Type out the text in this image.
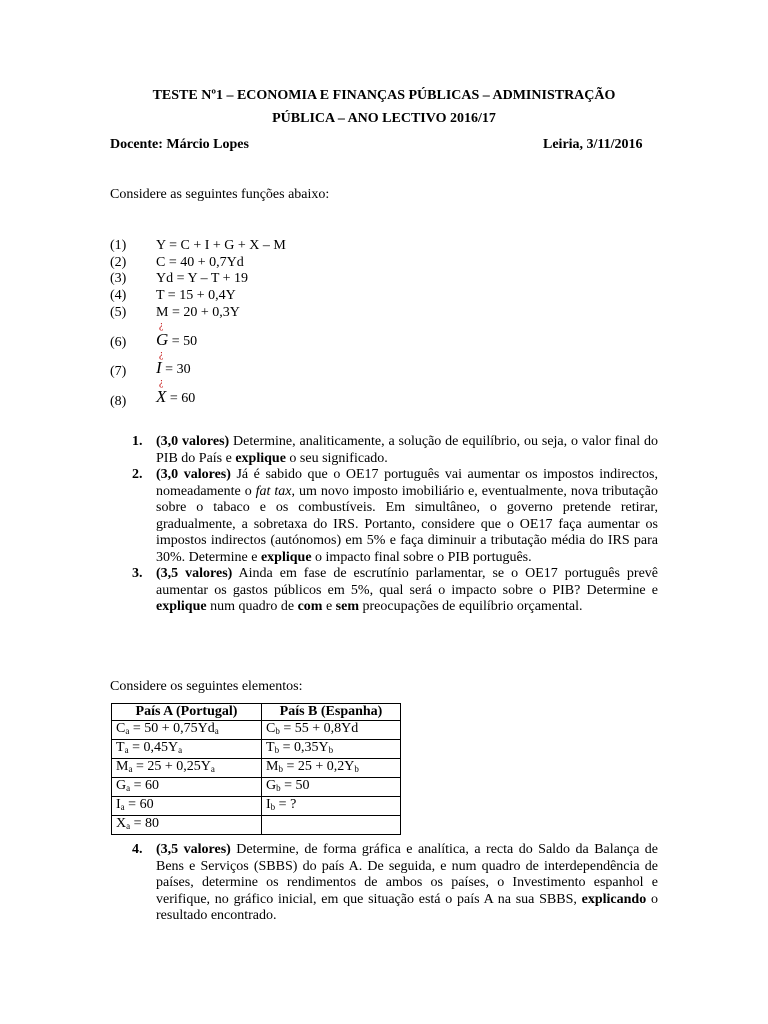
TESTE Nº1 – ECONOMIA E FINANÇAS PÚBLICAS – ADMINISTRAÇÃO
PÚBLICA – ANO LECTIVO 2016/17
Docente: Márcio Lopes	Leiria, 3/11/2016
Considere as seguintes funções abaixo:
(1) Y = C + I + G + X – M
(2) C = 40 + 0,7Yd
(3) Yd = Y – T + 19
(4) T = 15 + 0,4Y
(5) M = 20 + 0,3Y
¿
(6) G = 50
¿
(7) I = 30
¿
(8) X = 60
1. (3,0 valores) Determine, analiticamente, a solução de equilíbrio, ou seja, o valor final do PIB do País e explique o seu significado.
2. (3,0 valores) Já é sabido que o OE17 português vai aumentar os impostos indirectos, nomeadamente o fat tax, um novo imposto imobiliário e, eventualmente, nova tributação sobre o tabaco e os combustíveis. Em simultâneo, o governo pretende retirar, gradualmente, a sobretaxa do IRS. Portanto, considere que o OE17 faça aumentar os impostos indirectos (autónomos) em 5% e faça diminuir a tributação média do IRS para 30%. Determine e explique o impacto final sobre o PIB português.
3. (3,5 valores) Ainda em fase de escrutínio parlamentar, se o OE17 português prevê aumentar os gastos públicos em 5%, qual será o impacto sobre o PIB? Determine e explique num quadro de com e sem preocupações de equilíbrio orçamental.
Considere os seguintes elementos:
País A (Portugal)	País B (Espanha)
$C_a = 50 + 0,75Yd_a$	$C_b = 55 + 0,8Yd$
$T_a = 0,45Y_a$	$T_b = 0,35Y_b$
$M_a = 25 + 0,25Y_a$	$M_b = 25 + 0,2Y_b$
$G_a = 60$	$G_b = 50$
$I_a = 60$	$I_b$ = ?
$X_a = 80$	
4. (3,5 valores) Determine, de forma gráfica e analítica, a recta do Saldo da Balança de Bens e Serviços (SBBS) do país A. De seguida, e num quadro de interdependência de países, determine os rendimentos de ambos os países, o Investimento espanhol e verifique, no gráfico inicial, em que situação está o país A na sua SBBS, explicando o resultado encontrado.
